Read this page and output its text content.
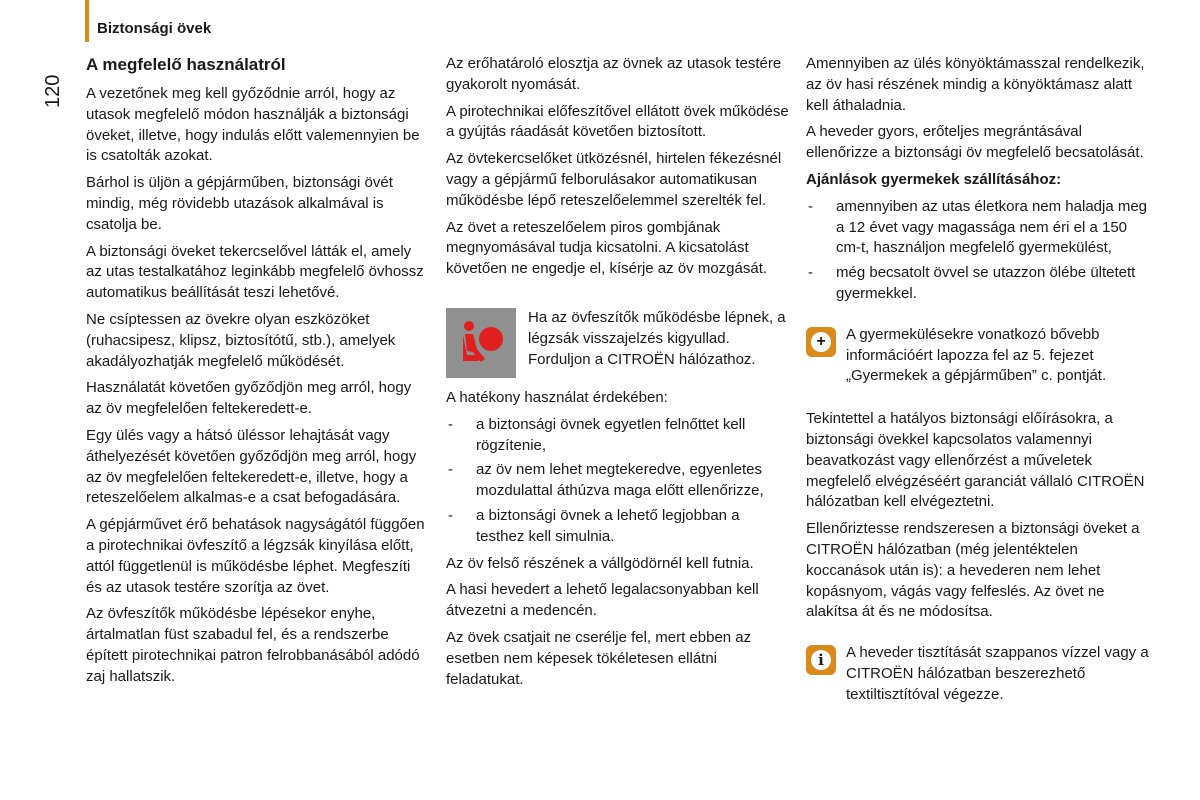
Biztonsági övek
120
A megfelelő használatról

A vezetőnek meg kell győződnie arról, hogy az utasok megfelelő módon használják a biztonsági öveket, illetve, hogy indulás előtt valemennyien be is csatolták azokat.

Bárhol is üljön a gépjárműben, biztonsági övét mindig, még rövidebb utazások alkalmával is csatolja be.

A biztonsági öveket tekercselővel látták el, amely az utas testalkatához leginkább megfelelő övhossz automatikus beállítását teszi lehetővé.

Ne csíptessen az övekre olyan eszközöket (ruhacsipesz, klipsz, biztosítótű, stb.), amelyek akadályozhatják megfelelő működését.

Használatát követően győződjön meg arról, hogy az öv megfelelően feltekeredett-e.

Egy ülés vagy a hátsó üléssor lehajtását vagy áthelyezését követően győződjön meg arról, hogy az öv megfelelően feltekeredett-e, illetve, hogy a reteszelőelem alkalmas-e a csat befogadására.

A gépjárművet érő behatások nagyságától függően a pirotechnikai övfeszítő a légzsák kinyílása előtt, attól függetlenül is működésbe léphet. Megfeszíti és az utasok testére szorítja az övet.

Az övfeszítők működésbe lépésekor enyhe, ártalmatlan füst szabadul fel, és a rendszerbe épített pirotechnikai patron felrobbanásából adódó zaj hallatszik.

Az erőhatároló elosztja az övnek az utasok testére gyakorolt nyomását.

A pirotechnikai előfeszítővel ellátott övek működése a gyújtás ráadását követően biztosított.

Az övtekercselőket ütközésnél, hirtelen fékezésnél vagy a gépjármű felborulásakor automatikusan működésbe lépő reteszelőelemmel szerelték fel.

Az övet a reteszelőelem piros gombjának megnyomásával tudja kicsatolni. A kicsatolást követően ne engedje el, kísérje az öv mozgását.

Ha az övfeszítők működésbe lépnek, a légzsák visszajelzés kigyullad. Forduljon a CITROËN hálózathoz.

A hatékony használat érdekében:

- a biztonsági övnek egyetlen felnőttet kell rögzítenie,
- az öv nem lehet megtekeredve, egyenletes mozdulattal áthúzva maga előtt ellenőrizze,
- a biztonsági övnek a lehető legjobban a testhez kell simulnia.

Az öv felső részének a vállgödörnél kell futnia.

A hasi hevedert a lehető legalacsonyabban kell átvezetni a medencén.

Az övek csatjait ne cserélje fel, mert ebben az esetben nem képesek tökéletesen ellátni feladatukat.

Amennyiben az ülés könyöktámasszal rendelkezik, az öv hasi részének mindig a könyöktámasz alatt kell áthaladnia.

A heveder gyors, erőteljes megrántásával ellenőrizze a biztonsági öv megfelelő becsatolását.

Ajánlások gyermekek szállításához:
- amennyiben az utas életkora nem haladja meg a 12 évet vagy magassága nem éri el a 150 cm-t, használjon megfelelő gyermekülést,
- még becsatolt övvel se utazzon ölébe ültetett gyermekkel.
+	A gyermekülésekre vonatkozó bővebb információért lapozza fel az 5. fejezet „Gyermekek a gépjárműben” c. pontját.

Tekintettel a hatályos biztonsági előírásokra, a biztonsági övekkel kapcsolatos valamennyi beavatkozást vagy ellenőrzést a műveletek megfelelő elvégzéséért garanciát vállaló CITROËN hálózatban kell elvégeztetni.

Ellenőriztesse rendszeresen a biztonsági öveket a CITROËN hálózatban (még jelentéktelen koccanások után is): a hevederen nem lehet kopásnyom, vágás vagy felfeslés. Az övet ne alakítsa át és ne módosítsa.

i	A heveder tisztítását szappanos vízzel vagy a CITROËN hálózatban beszerezhető textiltisztítóval végezze.
